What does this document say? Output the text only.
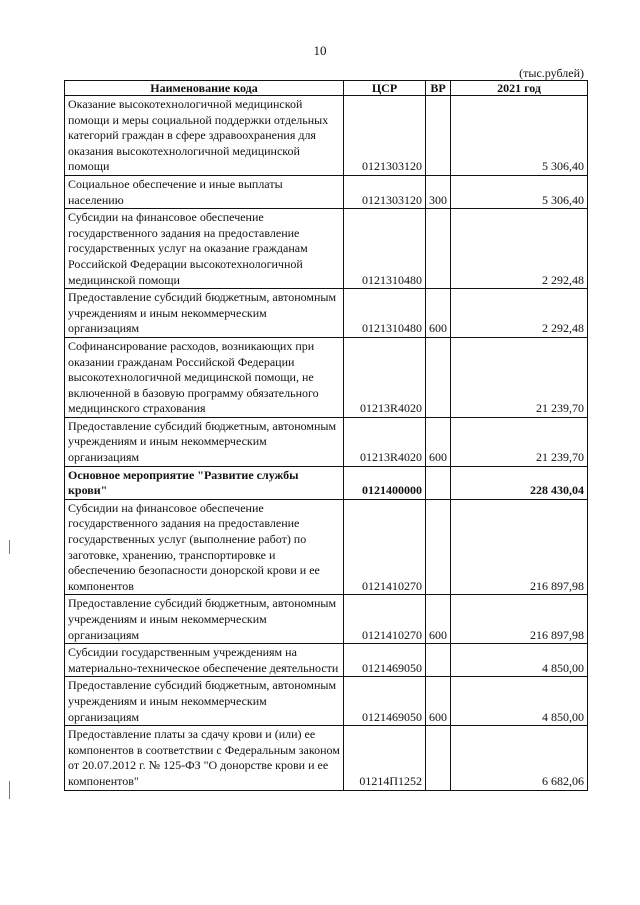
10
(тыс.рублей)
Наименование кода	ЦСР	ВР	2021 год
Оказание высокотехнологичной медицинской помощи и меры социальной поддержки отдельных категорий граждан в сфере здравоохранения для оказания высокотехнологичной медицинской помощи	0121303120		5 306,40
Социальное обеспечение и иные выплаты населению	0121303120	300	5 306,40
Субсидии на финансовое обеспечение государственного задания на предоставление государственных услуг на оказание гражданам Российской Федерации высокотехнологичной медицинской помощи	0121310480		2 292,48
Предоставление субсидий бюджетным, автономным учреждениям и иным некоммерческим организациям	0121310480	600	2 292,48
Софинансирование расходов, возникающих при оказании гражданам Российской Федерации высокотехнологичной медицинской помощи, не включенной в базовую программу обязательного медицинского страхования	01213R4020		21 239,70
Предоставление субсидий бюджетным, автономным учреждениям и иным некоммерческим организациям	01213R4020	600	21 239,70
Основное мероприятие "Развитие службы крови"	0121400000		228 430,04
Субсидии на финансовое обеспечение государственного задания на предоставление государственных услуг (выполнение работ) по заготовке, хранению, транспортировке и обеспечению безопасности донорской крови и ее компонентов	0121410270		216 897,98
Предоставление субсидий бюджетным, автономным учреждениям и иным некоммерческим организациям	0121410270	600	216 897,98
Субсидии государственным учреждениям на материально-техническое обеспечение деятельности	0121469050		4 850,00
Предоставление субсидий бюджетным, автономным учреждениям и иным некоммерческим организациям	0121469050	600	4 850,00
Предоставление платы за сдачу крови и (или) ее компонентов в соответствии с Федеральным законом от 20.07.2012 г. № 125-ФЗ "О донорстве крови и ее компонентов"	01214П1252		6 682,06
